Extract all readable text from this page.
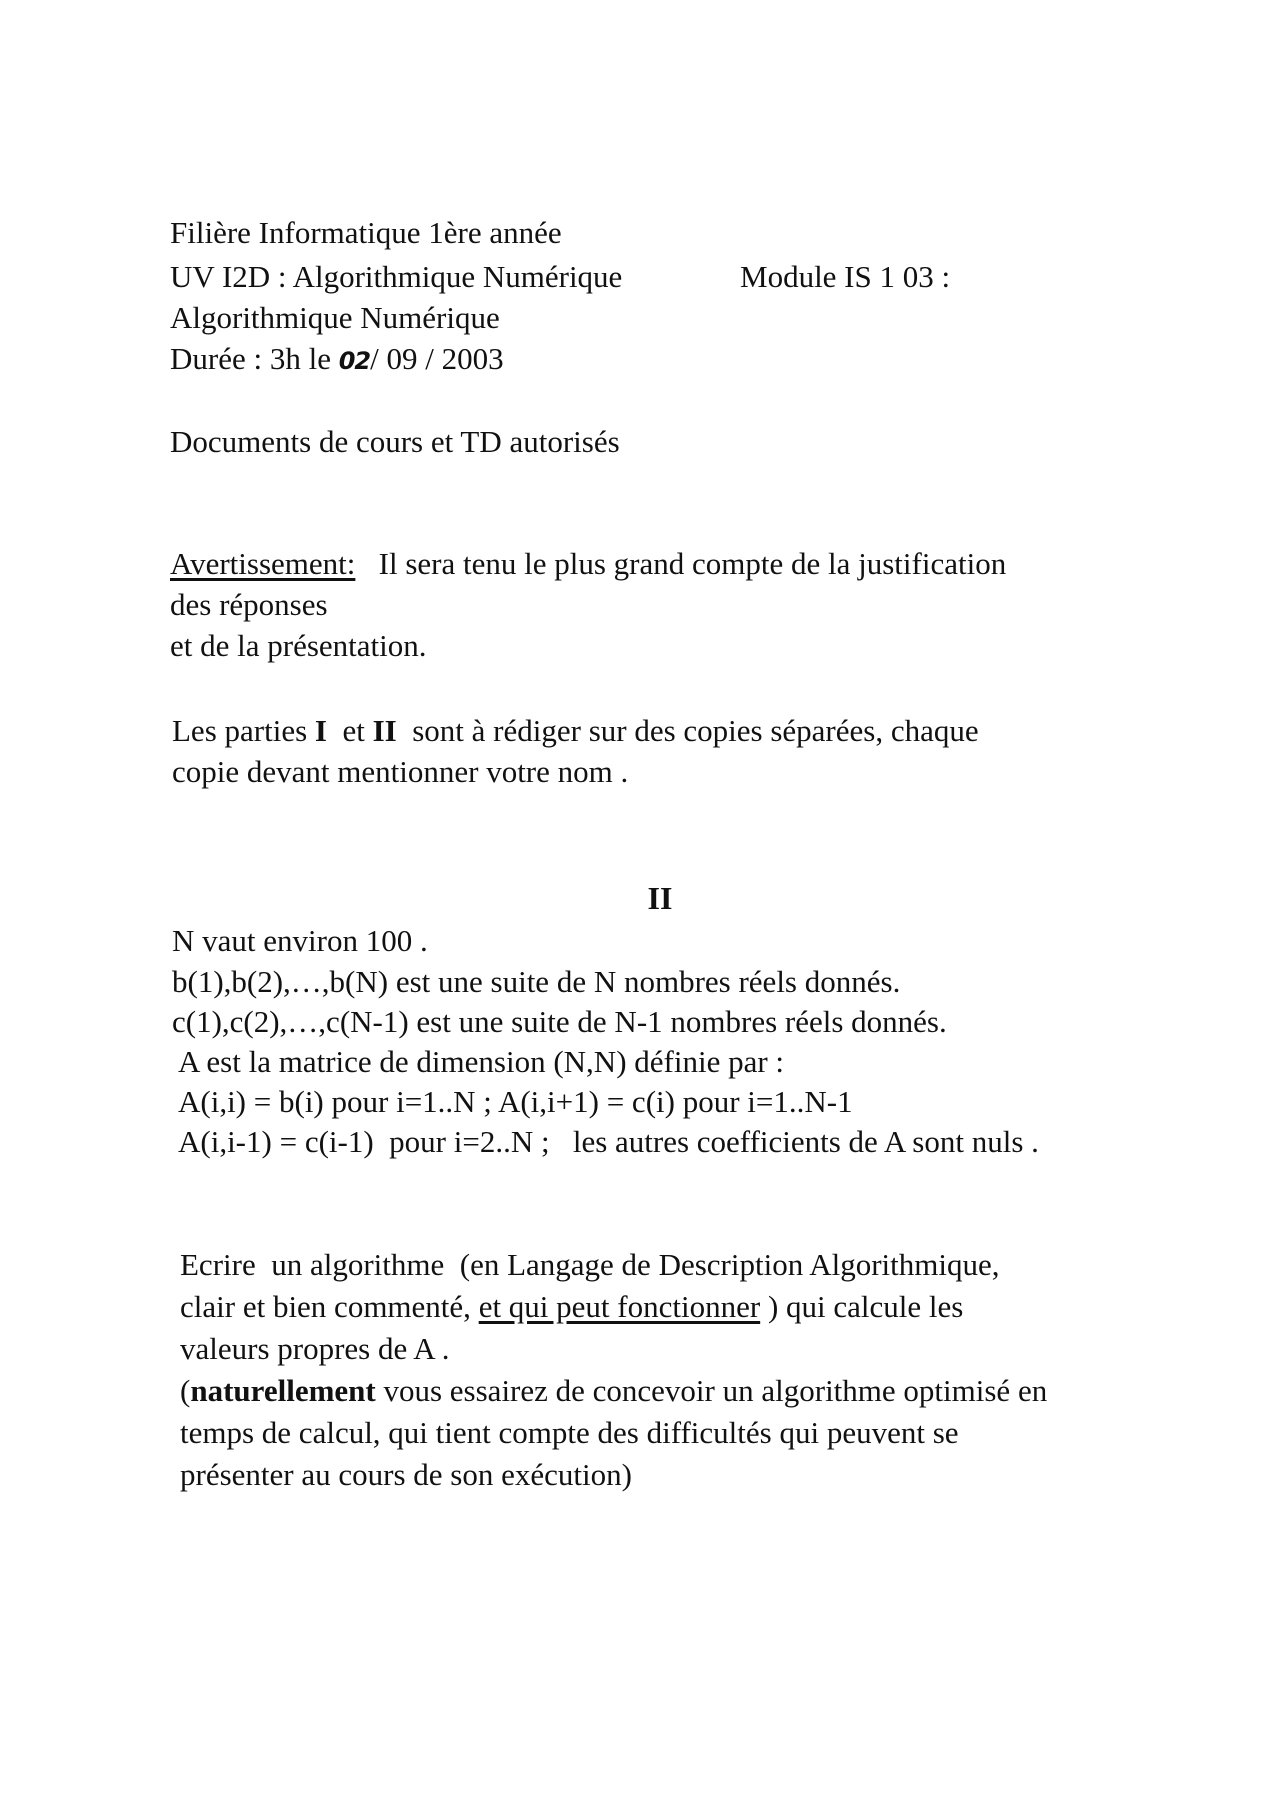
Filière Informatique 1ère année
UV I2D : Algorithmique Numérique	Module IS 1 03 :
Algorithmique Numérique
Durée : 3h le 02/ 09 / 2003
Documents de cours et TD autorisés
Avertissement:   Il sera tenu le plus grand compte de la justification
des réponses
et de la présentation.
Les parties I  et II  sont à rédiger sur des copies séparées, chaque
copie devant mentionner votre nom .
II
N vaut environ 100 .
b(1),b(2),…,b(N) est une suite de N nombres réels donnés.
c(1),c(2),…,c(N-1) est une suite de N-1 nombres réels donnés.
A est la matrice de dimension (N,N) définie par :
A(i,i) = b(i) pour i=1..N ; A(i,i+1) = c(i) pour i=1..N-1
A(i,i-1) = c(i-1)  pour i=2..N ;   les autres coefficients de A sont nuls .
Ecrire  un algorithme  (en Langage de Description Algorithmique,
clair et bien commenté, et qui peut fonctionner ) qui calcule les
valeurs propres de A .
(naturellement vous essairez de concevoir un algorithme optimisé en
temps de calcul, qui tient compte des difficultés qui peuvent se
présenter au cours de son exécution)
